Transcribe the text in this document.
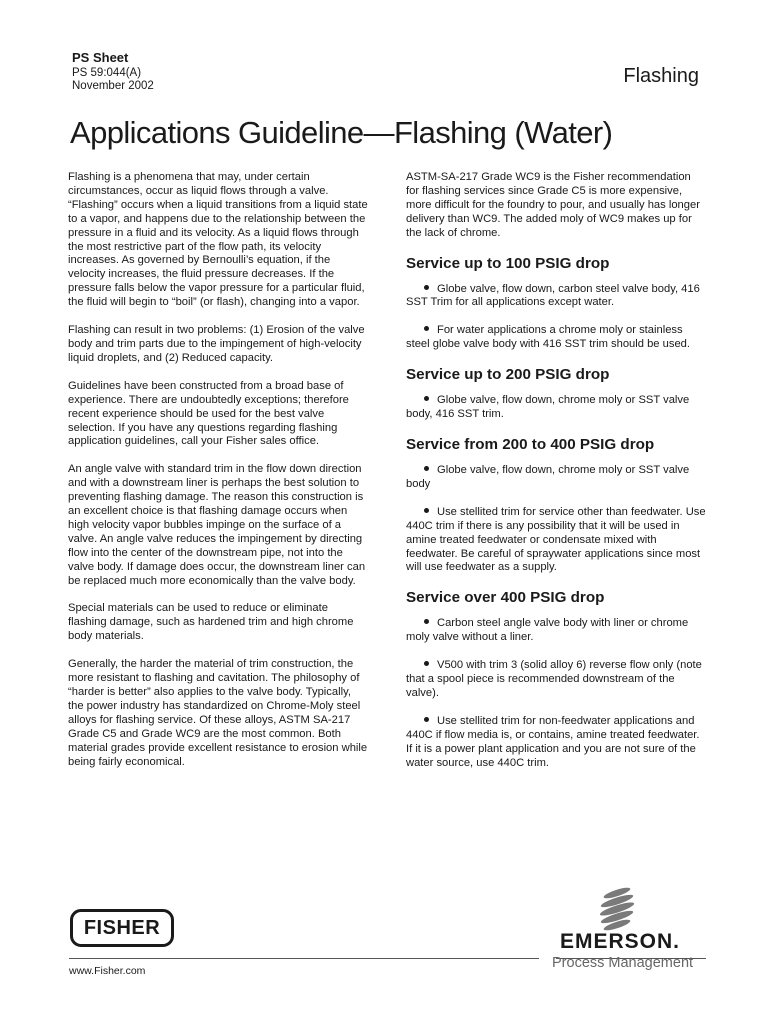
PS Sheet
PS 59:044(A)
November 2002	Flashing
Applications Guideline—Flashing (Water)

Flashing is a phenomena that may, under certain circumstances, occur as liquid flows through a valve. “Flashing” occurs when a liquid transitions from a liquid state to a vapor, and happens due to the relationship between the pressure in a fluid and its velocity. As a liquid flows through the most restrictive part of the flow path, its velocity increases. As governed by Bernoulli’s equation, if the velocity increases, the fluid pressure decreases. If the pressure falls below the vapor pressure for a particular fluid, the fluid will begin to “boil” (or flash), changing into a vapor.

Flashing can result in two problems: (1) Erosion of the valve body and trim parts due to the impingement of high-velocity liquid droplets, and (2) Reduced capacity.

Guidelines have been constructed from a broad base of experience. There are undoubtedly exceptions; therefore recent experience should be used for the best valve selection. If you have any questions regarding flashing application guidelines, call your Fisher sales office.

An angle valve with standard trim in the flow down direction and with a downstream liner is perhaps the best solution to preventing flashing damage. The reason this construction is an excellent choice is that flashing damage occurs when high velocity vapor bubbles impinge on the surface of a valve. An angle valve reduces the impingement by directing flow into the center of the downstream pipe, not into the valve body. If damage does occur, the downstream liner can be replaced much more economically than the valve body.

Special materials can be used to reduce or eliminate flashing damage, such as hardened trim and high chrome body materials.

Generally, the harder the material of trim construction, the more resistant to flashing and cavitation. The philosophy of “harder is better” also applies to the valve body. Typically, the power industry has standardized on Chrome-Moly steel alloys for flashing service. Of these alloys, ASTM SA-217 Grade C5 and Grade WC9 are the most common. Both material grades provide excellent resistance to erosion while being fairly economical.

ASTM-SA-217 Grade WC9 is the Fisher recommendation for flashing services since Grade C5 is more expensive, more difficult for the foundry to pour, and usually has longer delivery than WC9. The added moly of WC9 makes up for the lack of chrome.

Service up to 100 PSIG drop

Globe valve, flow down, carbon steel valve body, 416 SST Trim for all applications except water.

For water applications a chrome moly or stainless steel globe valve body with 416 SST trim should be used.

Service up to 200 PSIG drop

Globe valve, flow down, chrome moly or SST valve body, 416 SST trim.

Service from 200 to 400 PSIG drop

Globe valve, flow down, chrome moly or SST valve body

Use stellited trim for service other than feedwater. Use 440C trim if there is any possibility that it will be used in amine treated feedwater or condensate mixed with feedwater. Be careful of spraywater applications since most will use feedwater as a supply.

Service over 400 PSIG drop

Carbon steel angle valve body with liner or chrome moly valve without a liner.

V500 with trim 3 (solid alloy 6) reverse flow only (note that a spool piece is recommended downstream of the valve).

Use stellited trim for non-feedwater applications and 440C if flow media is, or contains, amine treated feedwater. If it is a power plant application and you are not sure of the water source, use 440C trim.

FISHER
www.Fisher.com
EMERSON.
Process Management
